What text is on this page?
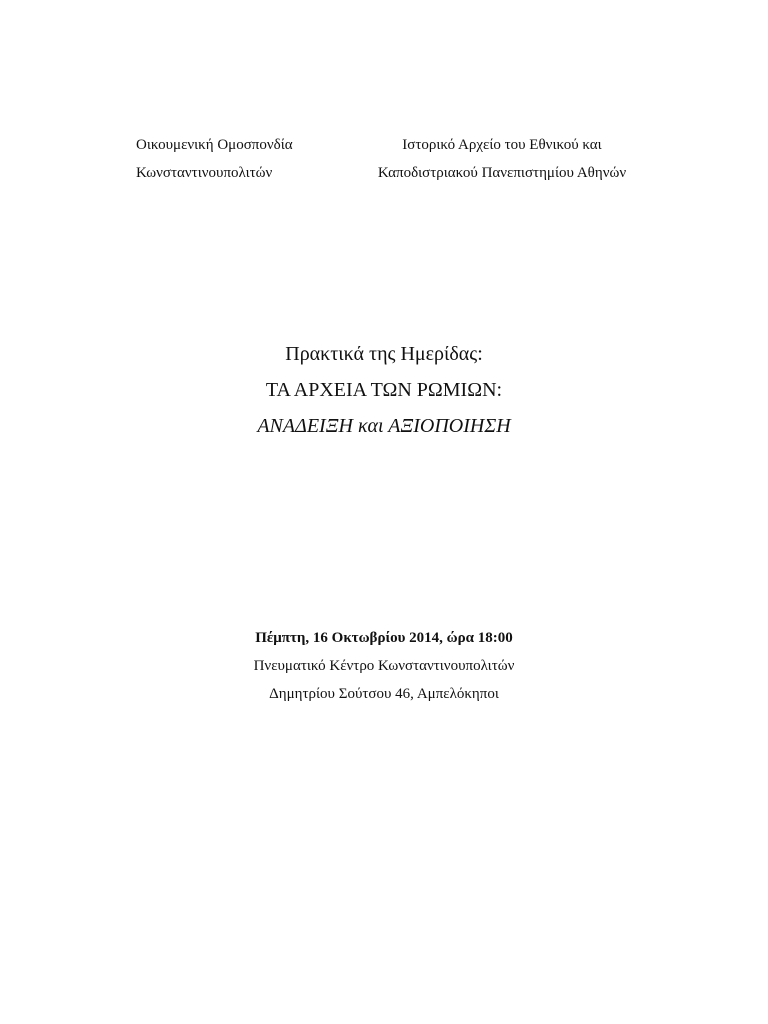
Οικουμενική Ομοσπονδία
Κωνσταντινουπολιτών
Ιστορικό Αρχείο του Εθνικού και
Καποδιστριακού Πανεπιστημίου Αθηνών
Πρακτικά της Ημερίδας:
ΤΑ ΑΡΧΕΙΑ ΤΩΝ ΡΩΜΙΩΝ:
ΑΝΑΔΕΙΞΗ και ΑΞΙΟΠΟΙΗΣΗ
Πέμπτη, 16 Οκτωβρίου 2014, ώρα 18:00
Πνευματικό Κέντρο Κωνσταντινουπολιτών
Δημητρίου Σούτσου 46, Αμπελόκηποι
